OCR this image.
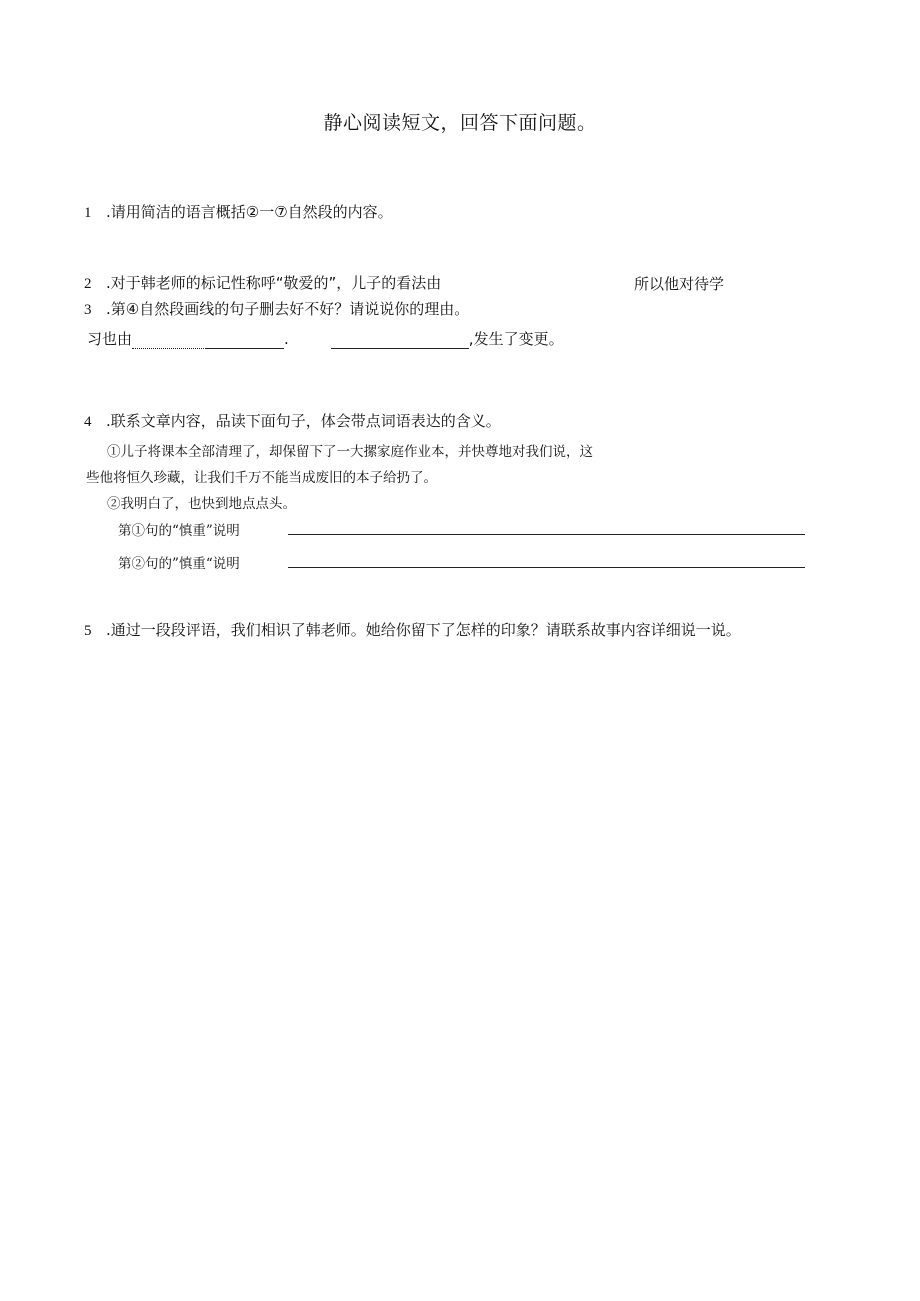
静心阅读短文，回答下面问题。
1 .请用简洁的语言概括②一⑦自然段的内容。
2 .对于韩老师的标记性称呼“敬爱的”，儿子的看法由	所以他对待学
3 .第④自然段画线的句子删去好不好？请说说你的理由。
习也由	.	,发生了变更。
4 .联系文章内容，品读下面句子，体会带点词语表达的含义。
①儿子将课本全部清理了，却保留下了一大摞家庭作业本，并快尊地对我们说，这
些他将恒久珍藏，让我们千万不能当成废旧的本子给扔了。
②我明白了，也快到地点点头。
第①句的“慎重”说明
第②句的”慎重“说明
5 .通过一段段评语，我们相识了韩老师。她给你留下了怎样的印象？请联系故事内容详细说一说。
